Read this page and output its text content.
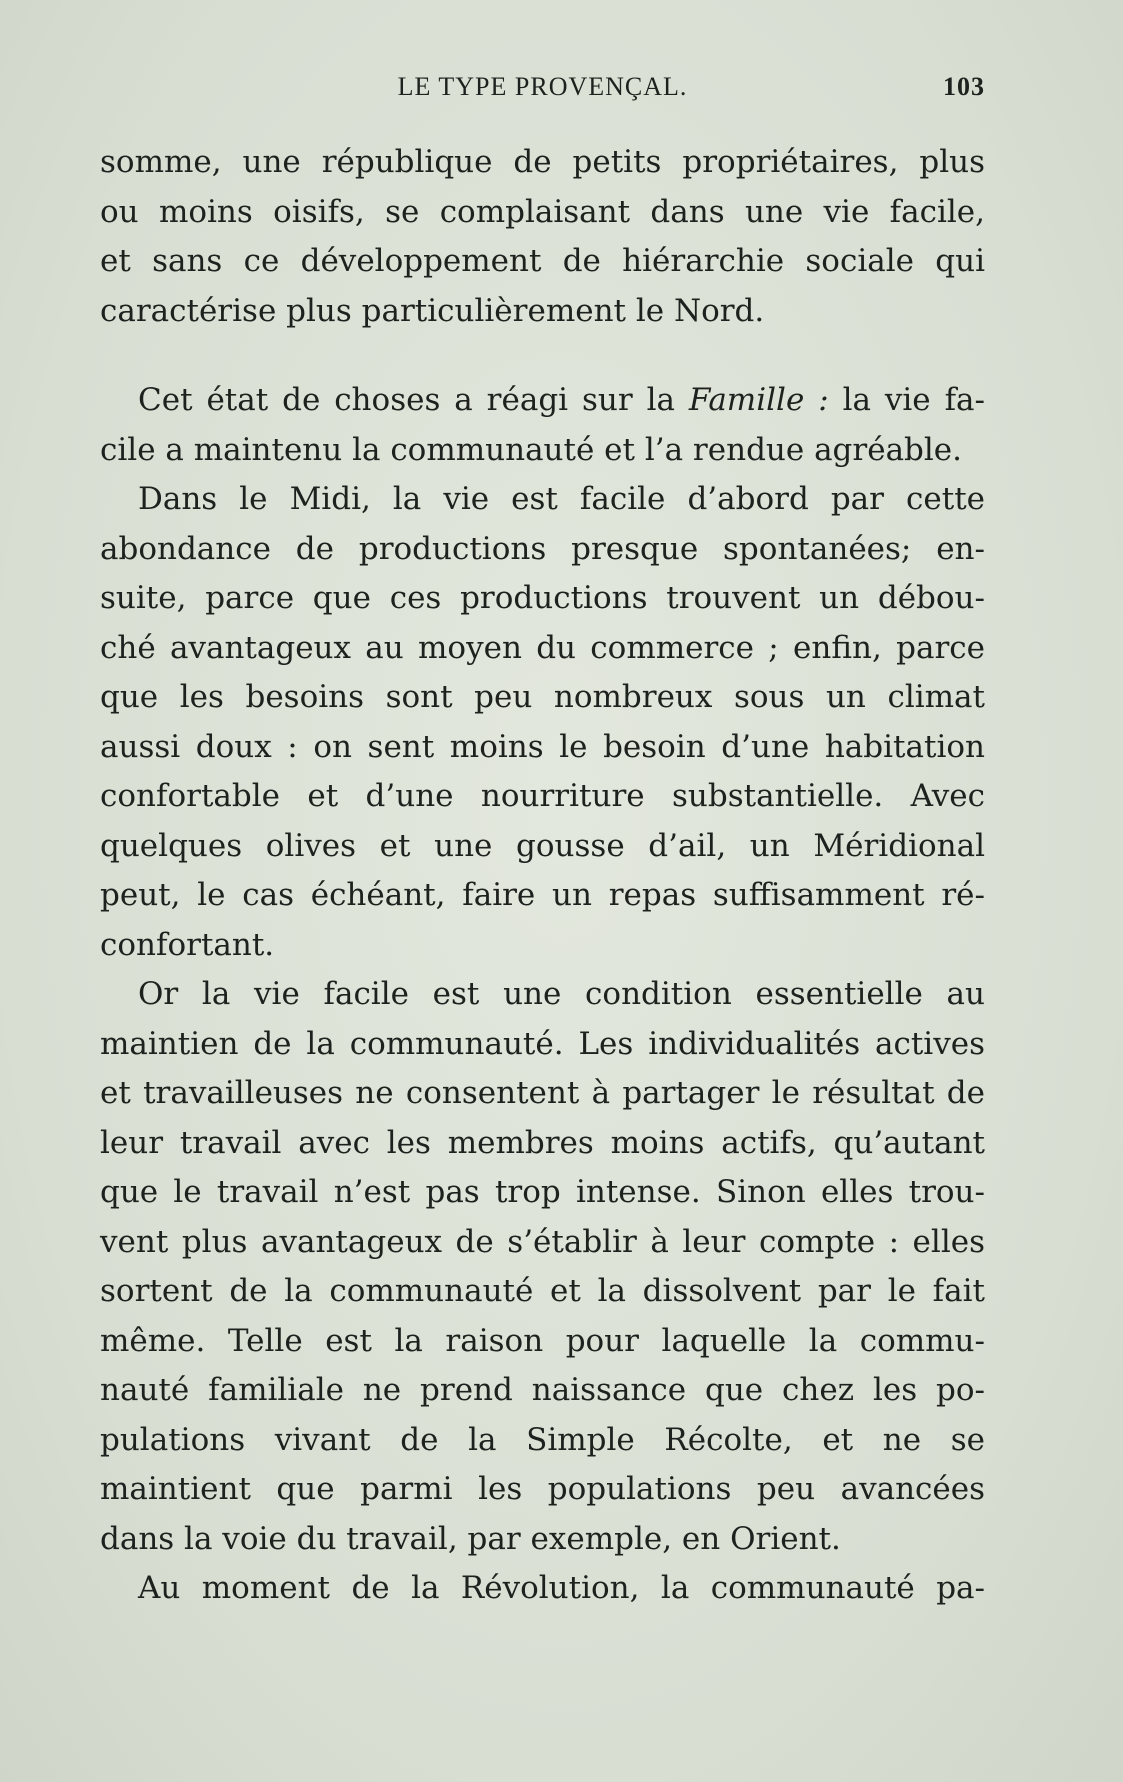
LE TYPE PROVENÇAL.	103
somme, une république de petits propriétaires, plus
ou moins oisifs, se complaisant dans une vie facile,
et sans ce développement de hiérarchie sociale qui
caractérise plus particulièrement le Nord.
Cet état de choses a réagi sur la Famille : la vie fa-
cile a maintenu la communauté et l’a rendue agréable.
Dans le Midi, la vie est facile d’abord par cette
abondance de productions presque spontanées; en-
suite, parce que ces productions trouvent un débou-
ché avantageux au moyen du commerce ; enfin, parce
que les besoins sont peu nombreux sous un climat
aussi doux : on sent moins le besoin d’une habitation
confortable et d’une nourriture substantielle. Avec
quelques olives et une gousse d’ail, un Méridional
peut, le cas échéant, faire un repas suffisamment ré-
confortant.
Or la vie facile est une condition essentielle au
maintien de la communauté. Les individualités actives
et travailleuses ne consentent à partager le résultat de
leur travail avec les membres moins actifs, qu’autant
que le travail n’est pas trop intense. Sinon elles trou-
vent plus avantageux de s’établir à leur compte : elles
sortent de la communauté et la dissolvent par le fait
même. Telle est la raison pour laquelle la commu-
nauté familiale ne prend naissance que chez les po-
pulations vivant de la Simple Récolte, et ne se
maintient que parmi les populations peu avancées
dans la voie du travail, par exemple, en Orient.
Au moment de la Révolution, la communauté pa-
